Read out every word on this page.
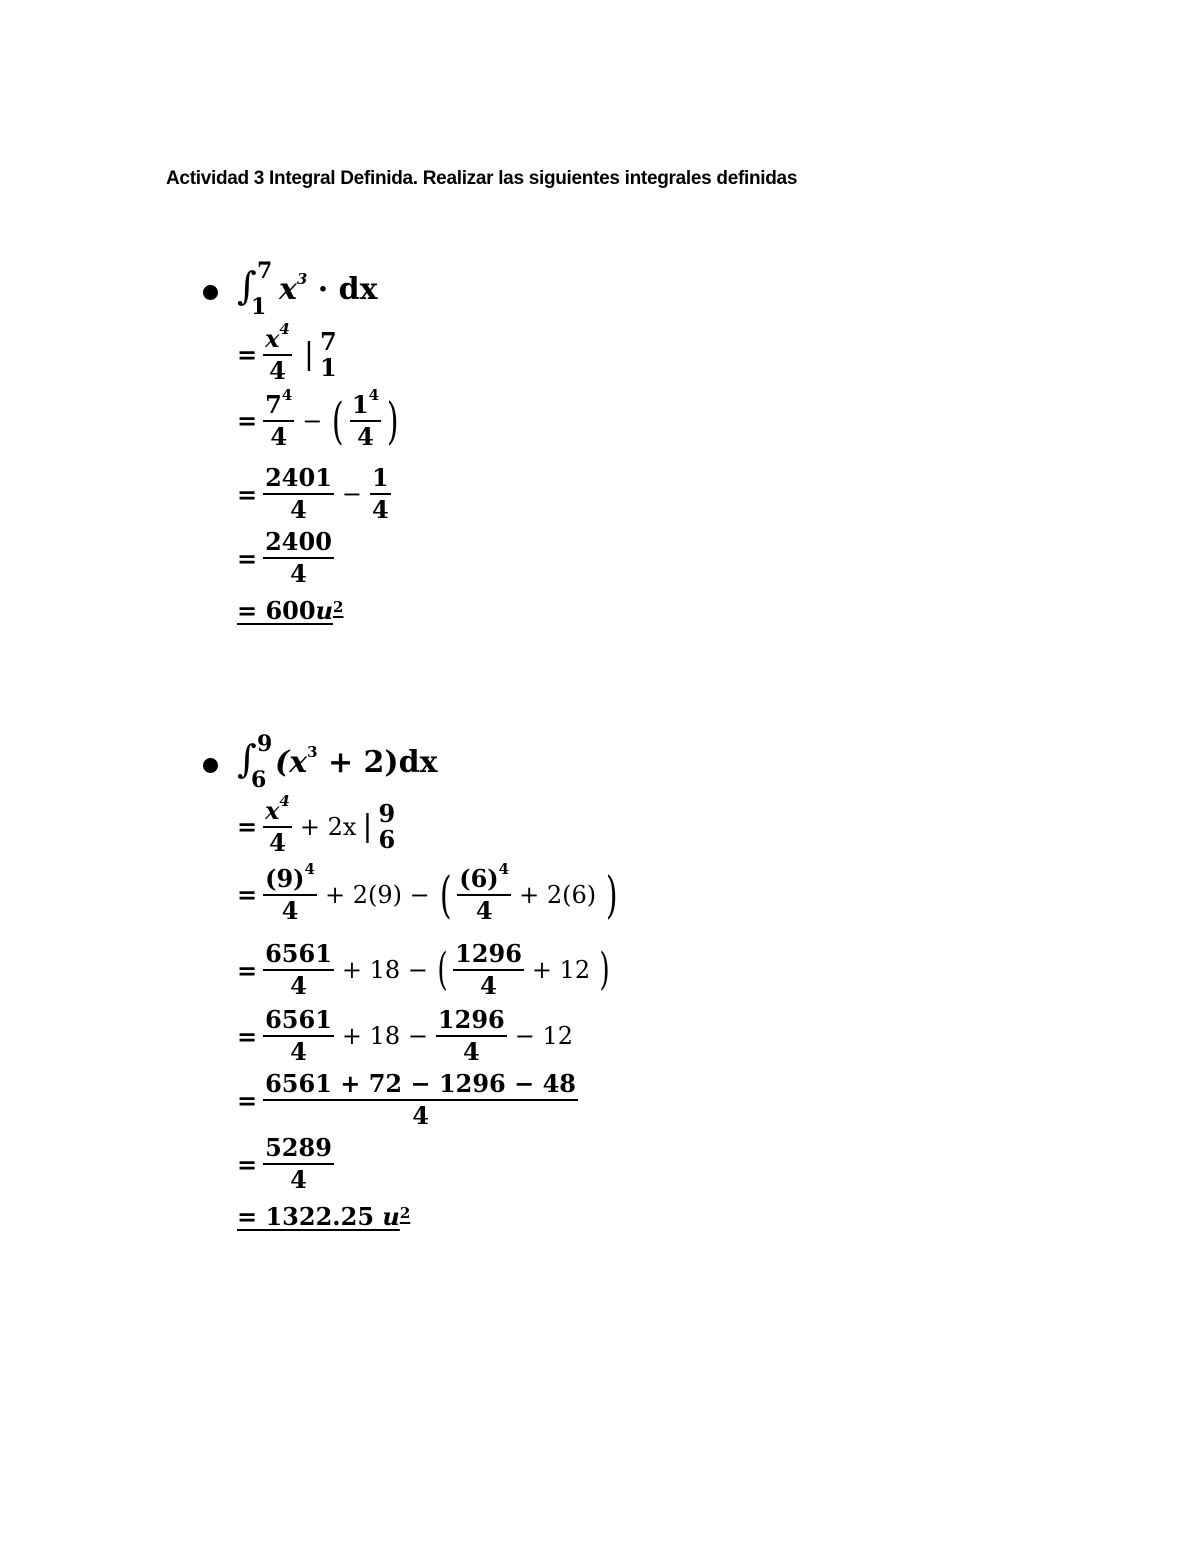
Actividad 3 Integral Definida. Realizar las siguientes integrales definidas
∫ 7
1 $x^3$ · dx
= $\frac{x^4}{4}$ | 7
1
= $\frac{7^4}{4}$ − ( $\frac{1^4}{4}$ )
= $\frac{2401}{4} - \frac{1}{4}$
= $\frac{2400}{4}$
= 600 u 2
∫ 9
6 $(x^3 + 2)dx$
= $\frac{x^4}{4} + 2x$ | 9
6
= $\frac{(9)^4}{4} + 2(9)$ − ( $\frac{(6)^4}{4} + 2(6)$ )
= $\frac{6561}{4} + 18$ − ( $\frac{1296}{4} + 12$ )
= $\frac{6561}{4} + 18 - \frac{1296}{4} - 12$
= $\frac{6561 + 72 - 1296 - 48}{4}$
= $\frac{5289}{4}$
= 1322.25
u 2
